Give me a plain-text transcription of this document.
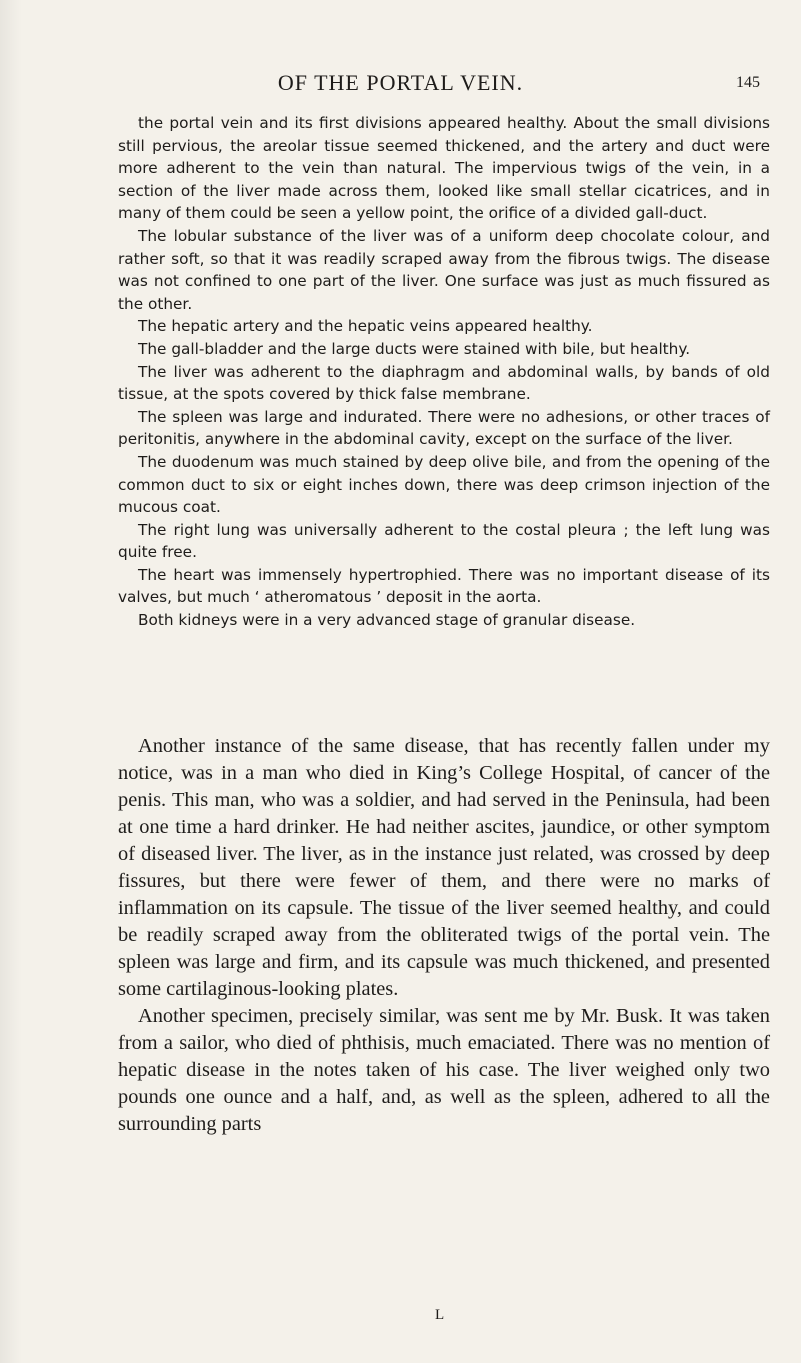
OF THE PORTAL VEIN.	145

the portal vein and its first divisions appeared healthy. About the small divisions still pervious, the areolar tissue seemed thickened, and the artery and duct were more adherent to the vein than natural. The impervious twigs of the vein, in a section of the liver made across them, looked like small stellar cicatrices, and in many of them could be seen a yellow point, the orifice of a divided gall-duct.

The lobular substance of the liver was of a uniform deep chocolate colour, and rather soft, so that it was readily scraped away from the fibrous twigs. The disease was not confined to one part of the liver. One surface was just as much fissured as the other.

The hepatic artery and the hepatic veins appeared healthy.

The gall-bladder and the large ducts were stained with bile, but healthy.

The liver was adherent to the diaphragm and abdominal walls, by bands of old tissue, at the spots covered by thick false membrane.

The spleen was large and indurated. There were no adhesions, or other traces of peritonitis, anywhere in the abdominal cavity, except on the surface of the liver.

The duodenum was much stained by deep olive bile, and from the opening of the common duct to six or eight inches down, there was deep crimson injection of the mucous coat.

The right lung was universally adherent to the costal pleura ; the left lung was quite free.

The heart was immensely hypertrophied. There was no important disease of its valves, but much ‘ atheromatous ’ deposit in the aorta.

Both kidneys were in a very advanced stage of granular disease.

Another instance of the same disease, that has recently fallen under my notice, was in a man who died in King’s College Hospital, of cancer of the penis. This man, who was a soldier, and had served in the Peninsula, had been at one time a hard drinker. He had neither ascites, jaundice, or other symptom of diseased liver. The liver, as in the instance just related, was crossed by deep fissures, but there were fewer of them, and there were no marks of inflammation on its capsule. The tissue of the liver seemed healthy, and could be readily scraped away from the obliterated twigs of the portal vein. The spleen was large and firm, and its capsule was much thickened, and presented some cartilaginous-looking plates.

Another specimen, precisely similar, was sent me by Mr. Busk. It was taken from a sailor, who died of phthisis, much emaciated. There was no mention of hepatic disease in the notes taken of his case. The liver weighed only two pounds one ounce and a half, and, as well as the spleen, adhered to all the surrounding parts

L
